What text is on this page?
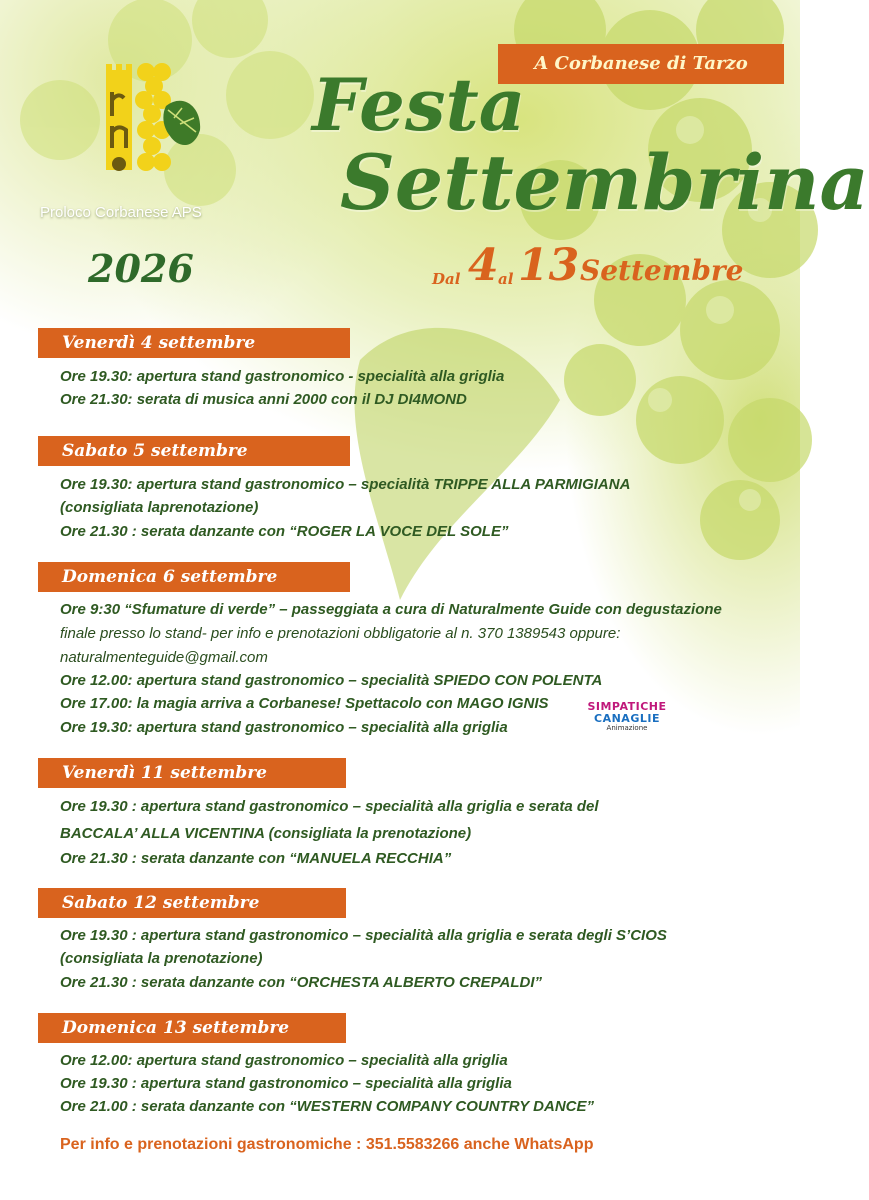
Proloco Corbanese APS
2026
A Corbanese di Tarzo
Festa
Settembrina
Dal 4 al 13 Settembre
Venerdì 4 settembre
Ore 19.30: apertura stand gastronomico - specialità alla griglia
Ore 21.30: serata di musica anni 2000 con il DJ DI4MOND
Sabato 5 settembre
Ore 19.30: apertura stand gastronomico – specialità TRIPPE ALLA PARMIGIANA
(consigliata laprenotazione)
Ore 21.30 : serata danzante con “ROGER LA VOCE DEL SOLE”
Domenica 6 settembre
Ore 9:30 “Sfumature di verde” – passeggiata a cura di Naturalmente Guide con degustazione
finale presso lo stand- per info e prenotazioni obbligatorie al n. 370 1389543 oppure:
naturalmenteguide@gmail.com
Ore 12.00: apertura stand gastronomico – specialità SPIEDO CON POLENTA
Ore 17.00: la magia arriva a Corbanese! Spettacolo con MAGO IGNIS
Ore 19.30: apertura stand gastronomico – specialità alla griglia
SIMPATICHE
CANAGLIE
Animazione
Venerdì 11 settembre
Ore 19.30 : apertura stand gastronomico – specialità alla griglia e serata del
BACCALA’ ALLA VICENTINA (consigliata la prenotazione)
Ore 21.30 : serata danzante con “MANUELA RECCHIA”
Sabato 12 settembre
Ore 19.30 : apertura stand gastronomico – specialità alla griglia e serata degli S’CIOS
(consigliata la prenotazione)
Ore 21.30 : serata danzante con “ORCHESTA ALBERTO CREPALDI”
Domenica 13 settembre
Ore 12.00: apertura stand gastronomico – specialità alla griglia
Ore 19.30 : apertura stand gastronomico – specialità alla griglia
Ore 21.00 : serata danzante con “WESTERN COMPANY COUNTRY DANCE”
Per info e prenotazioni gastronomiche : 351.5583266 anche WhatsApp
